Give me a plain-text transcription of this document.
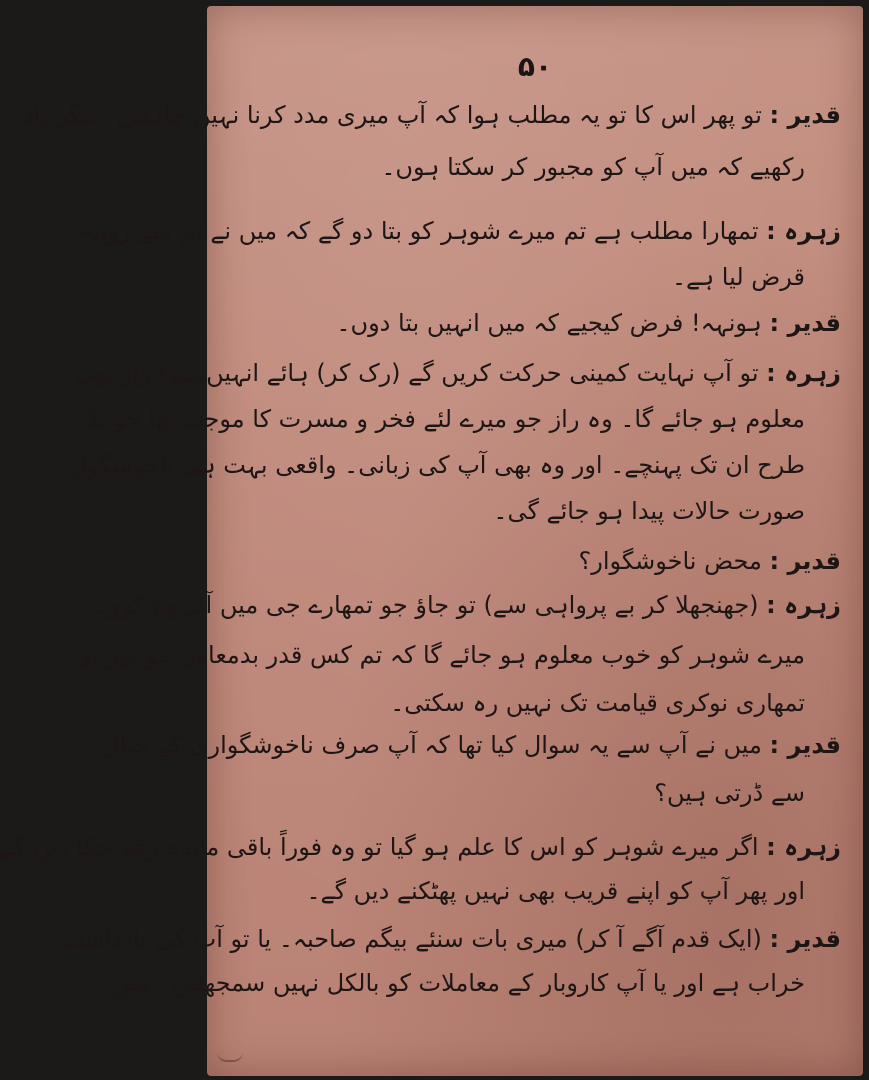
۵۰
قدیر : تو پھر اس کا تو یہ مطلب ہوا کہ آپ میری مدد کرنا نہیں چاہتیں۔ مگر یاد
رکھیے کہ میں آپ کو مجبور کر سکتا ہوں۔
زہرہ : تمھارا مطلب ہے تم میرے شوہر کو بتا دو گے کہ میں نے تم سے روپیہ
قرض لیا ہے۔
قدیر : ہونہہ! فرض کیجیے کہ میں انہیں بتا دوں۔
زہرہ : تو آپ نہایت کمینی حرکت کریں گے (رک کر) ہائے انہیں میرا راز بھی
معلوم ہو جائے گا۔ وہ راز جو میرے لئے فخر و مسرت کا موجب تھا جو نڈ
طرح ان تک پہنچے۔ اور وہ بھی آپ کی زبانی۔ واقعی بہت ہی ناخوشگوار
صورت حالات پیدا ہو جائے گی۔
قدیر : محض ناخوشگوار؟
زہرہ : (جھنجھلا کر بے پرواہی سے) تو جاؤ جو تمھارے جی میں آئے وہ کرو۔
میرے شوہر کو خوب معلوم ہو جائے گا کہ تم کس قدر بدمعاش ہو پھر تو
تمھاری نوکری قیامت تک نہیں رہ سکتی۔
قدیر : میں نے آپ سے یہ سوال کیا تھا کہ آپ صرف ناخوشگواری کے خیال
سے ڈرتی ہیں؟
زہرہ : اگر میرے شوہر کو اس کا علم ہو گیا تو وہ فوراً باقی ماندہ رقم چکا دیں گے
اور پھر آپ کو اپنے قریب بھی نہیں پھٹکنے دیں گے۔
قدیر : (ایک قدم آگے آ کر) میری بات سنئے بیگم صاحبہ۔ یا تو آپ کی یادداشت
خراب ہے اور یا آپ کاروبار کے معاملات کو بالکل نہیں سمجھتیں۔ میں
